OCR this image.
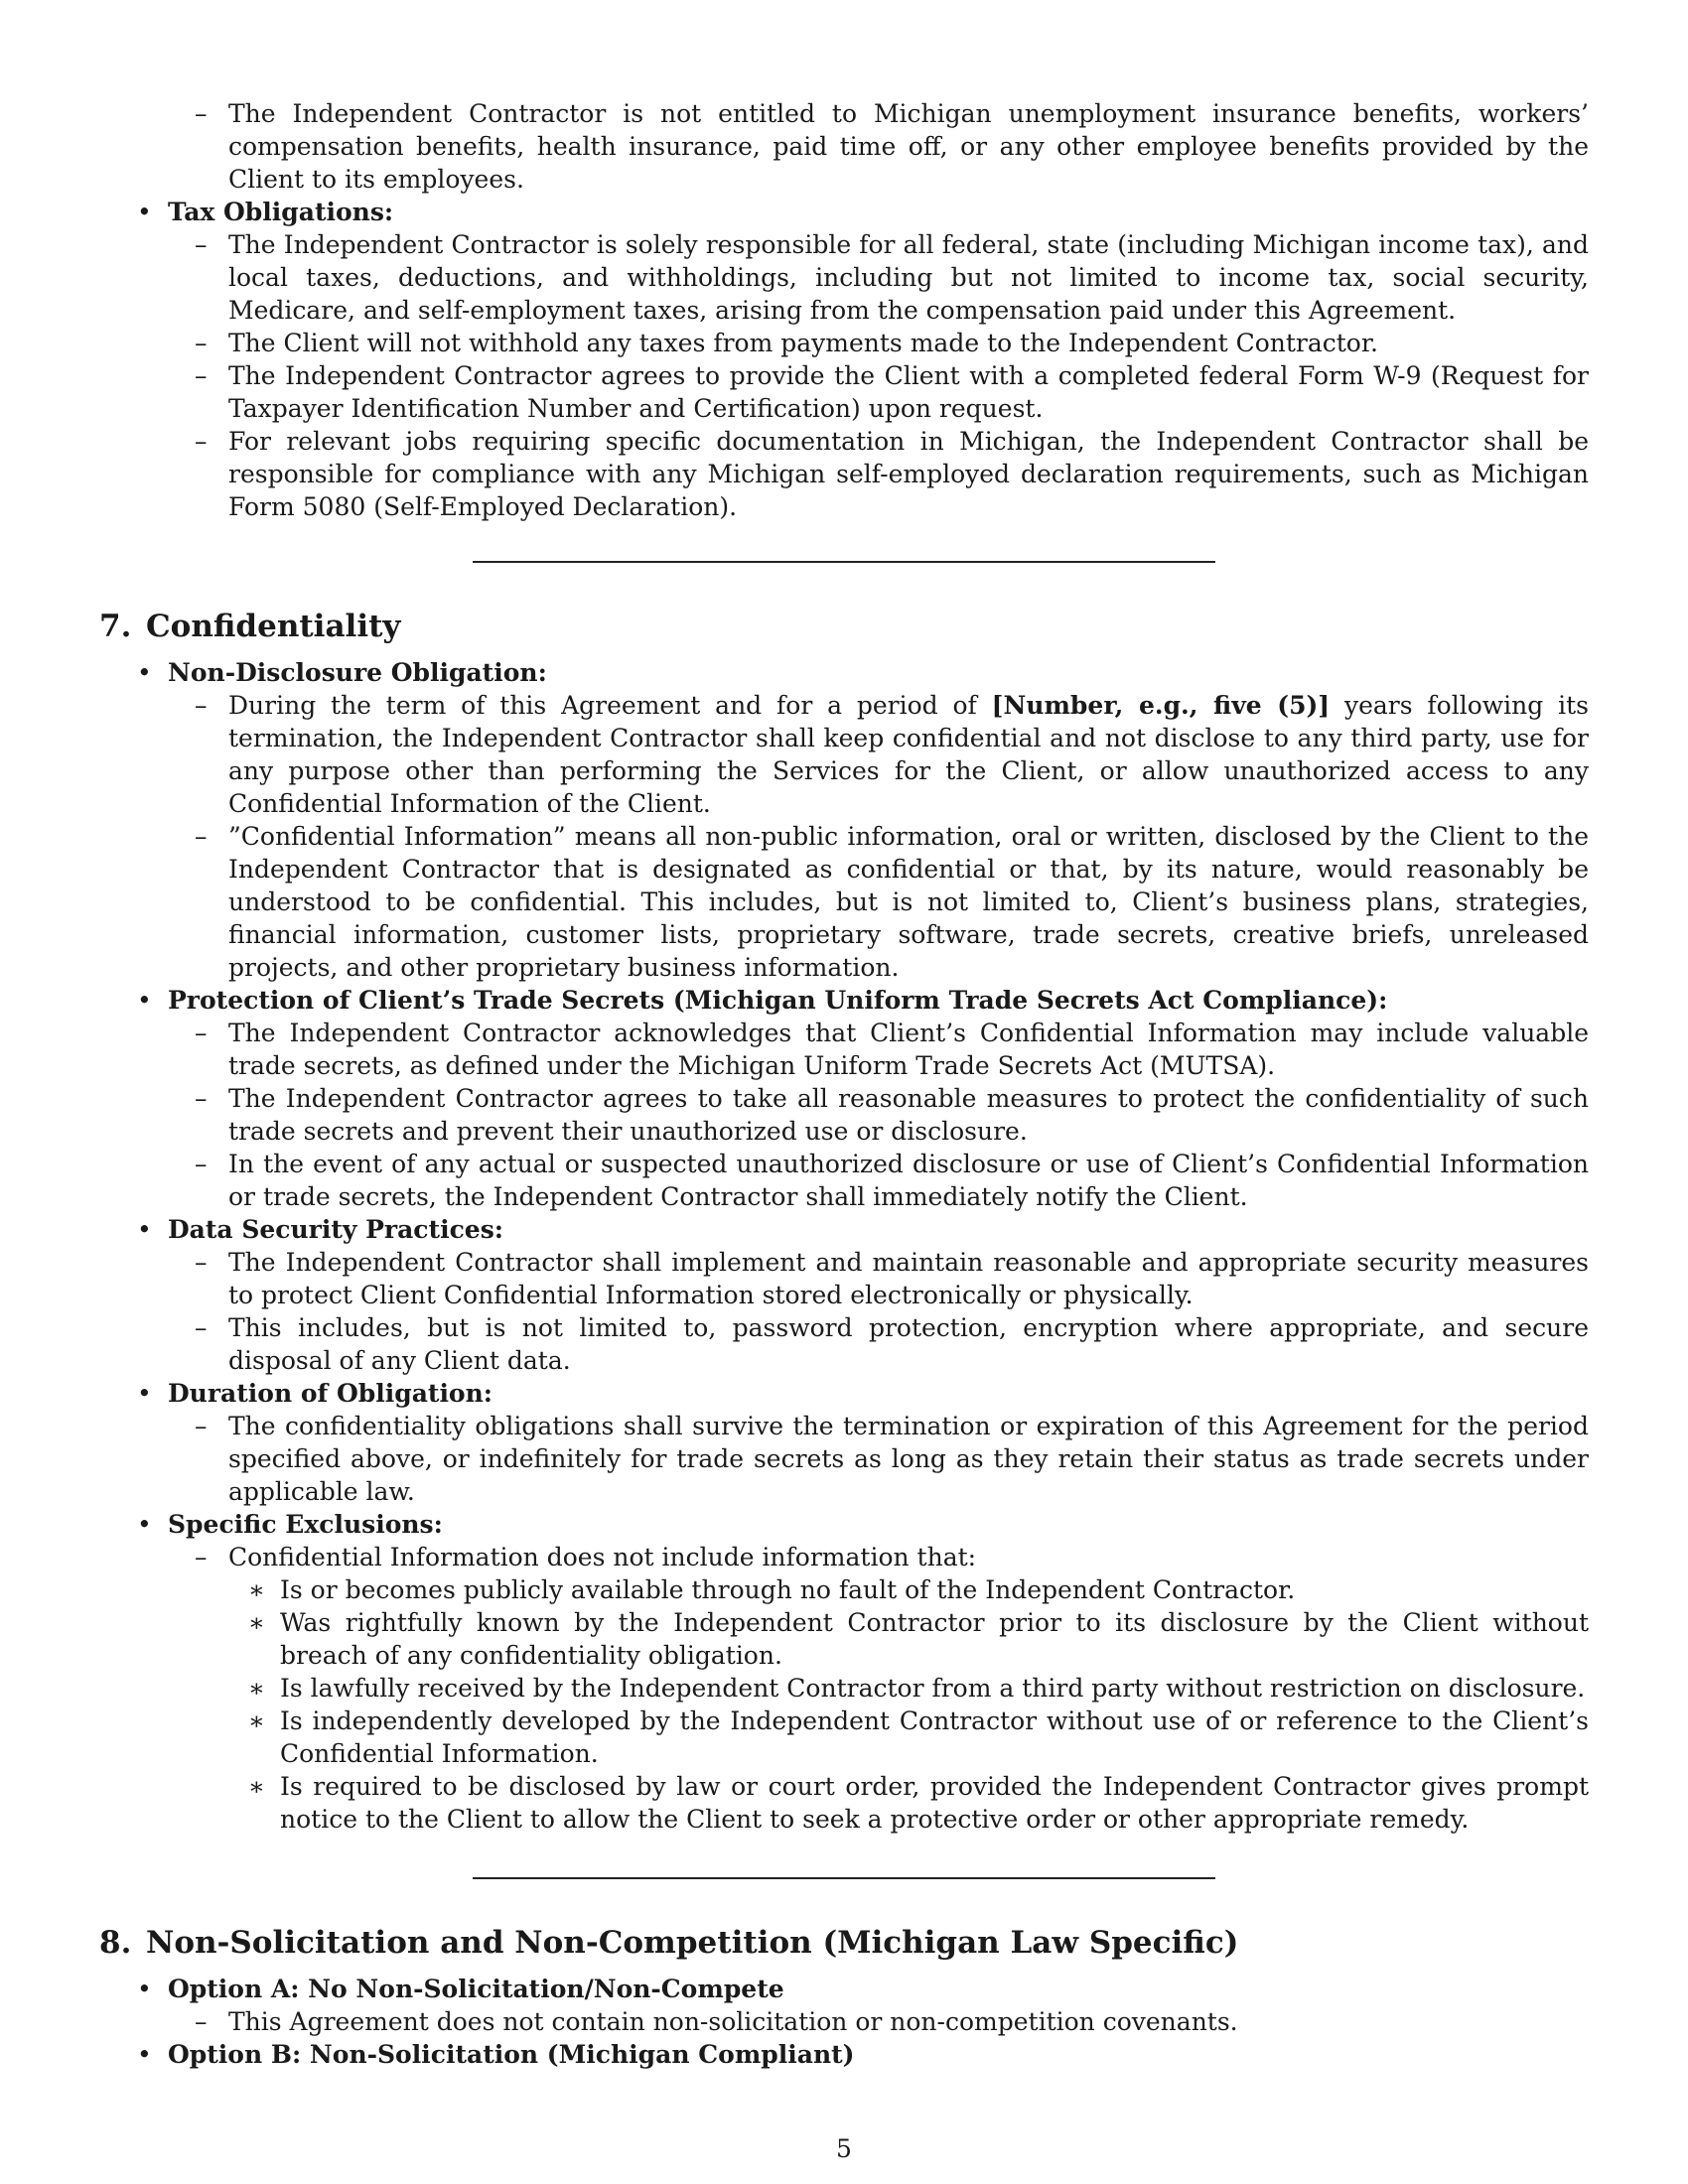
– The Independent Contractor is not entitled to Michigan unemployment insurance benefits, workers’ compensation benefits, health insurance, paid time off, or any other employee benefits provided by the Client to its employees.
• Tax Obligations:
– The Independent Contractor is solely responsible for all federal, state (including Michigan income tax), and local taxes, deductions, and withholdings, including but not limited to income tax, social security, Medicare, and self-employment taxes, arising from the compensation paid under this Agreement.
– The Client will not withhold any taxes from payments made to the Independent Contractor.
– The Independent Contractor agrees to provide the Client with a completed federal Form W-9 (Request for Taxpayer Identification Number and Certification) upon request.
– For relevant jobs requiring specific documentation in Michigan, the Independent Contractor shall be responsible for compliance with any Michigan self-employed declaration requirements, such as Michigan Form 5080 (Self-Employed Declaration).
7. Confidentiality
• Non-Disclosure Obligation:
– During the term of this Agreement and for a period of [Number, e.g., five (5)] years following its termination, the Independent Contractor shall keep confidential and not disclose to any third party, use for any purpose other than performing the Services for the Client, or allow unauthorized access to any Confidential Information of the Client.
– ”Confidential Information” means all non-public information, oral or written, disclosed by the Client to the Independent Contractor that is designated as confidential or that, by its nature, would reasonably be understood to be confidential. This includes, but is not limited to, Client’s business plans, strategies, financial information, customer lists, proprietary software, trade secrets, creative briefs, unreleased projects, and other proprietary business information.
• Protection of Client’s Trade Secrets (Michigan Uniform Trade Secrets Act Compliance):
– The Independent Contractor acknowledges that Client’s Confidential Information may include valuable trade secrets, as defined under the Michigan Uniform Trade Secrets Act (MUTSA).
– The Independent Contractor agrees to take all reasonable measures to protect the confidentiality of such trade secrets and prevent their unauthorized use or disclosure.
– In the event of any actual or suspected unauthorized disclosure or use of Client’s Confidential Information or trade secrets, the Independent Contractor shall immediately notify the Client.
• Data Security Practices:
– The Independent Contractor shall implement and maintain reasonable and appropriate security measures to protect Client Confidential Information stored electronically or physically.
– This includes, but is not limited to, password protection, encryption where appropriate, and secure disposal of any Client data.
• Duration of Obligation:
– The confidentiality obligations shall survive the termination or expiration of this Agreement for the period specified above, or indefinitely for trade secrets as long as they retain their status as trade secrets under applicable law.
• Specific Exclusions:
– Confidential Information does not include information that:
∗ Is or becomes publicly available through no fault of the Independent Contractor.
∗ Was rightfully known by the Independent Contractor prior to its disclosure by the Client without breach of any confidentiality obligation.
∗ Is lawfully received by the Independent Contractor from a third party without restriction on disclosure.
∗ Is independently developed by the Independent Contractor without use of or reference to the Client’s Confidential Information.
∗ Is required to be disclosed by law or court order, provided the Independent Contractor gives prompt notice to the Client to allow the Client to seek a protective order or other appropriate remedy.
8. Non-Solicitation and Non-Competition (Michigan Law Specific)
• Option A: No Non-Solicitation/Non-Compete
– This Agreement does not contain non-solicitation or non-competition covenants.
• Option B: Non-Solicitation (Michigan Compliant)
5
